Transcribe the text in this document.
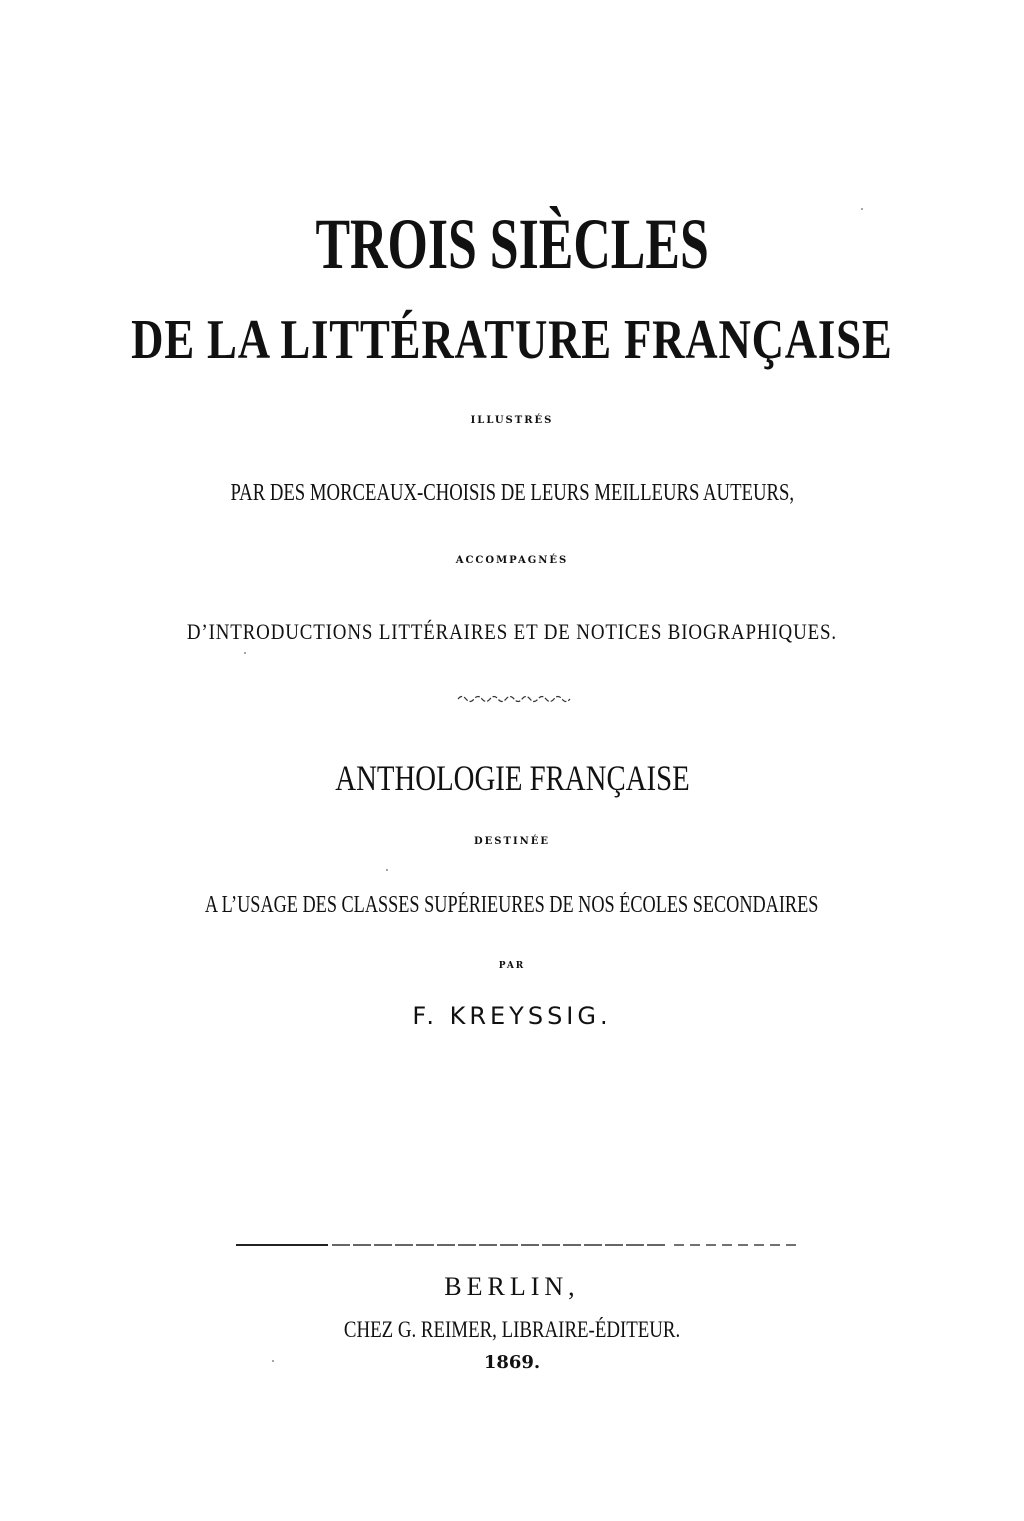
TROIS SIÈCLES
DE LA LITTÉRATURE FRANÇAISE
ILLUSTRÉS
PAR DES MORCEAUX-CHOISIS DE LEURS MEILLEURS AUTEURS,
ACCOMPAGNÉS
D’INTRODUCTIONS LITTÉRAIRES ET DE NOTICES BIOGRAPHIQUES.
ANTHOLOGIE FRANÇAISE
DESTINÉE
A L’USAGE DES CLASSES SUPÉRIEURES DE NOS ÉCOLES SECONDAIRES
PAR
F. KREYSSIG.
BERLIN,
CHEZ G. REIMER, LIBRAIRE-ÉDITEUR.
1869.
